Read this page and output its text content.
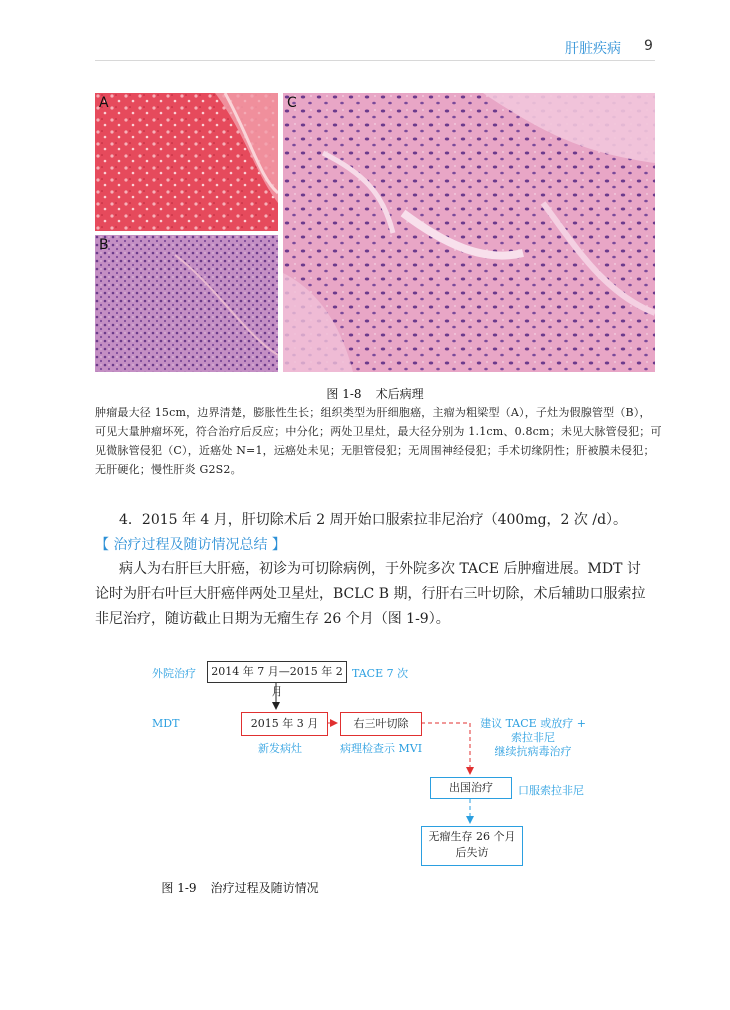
肝脏疾病 9
A
B
C
图 1-8 术后病理
肿瘤最大径 15cm，边界清楚，膨胀性生长；组织类型为肝细胞癌，主瘤为粗梁型（A），子灶为假腺管型（B），
可见大量肿瘤坏死，符合治疗后反应；中分化；两处卫星灶，最大径分别为 1.1cm、0.8cm；未见大脉管侵犯；可
见微脉管侵犯（C），近癌处 N=1，远癌处未见；无胆管侵犯；无周围神经侵犯；手术切缘阴性；肝被膜未侵犯；
无肝硬化；慢性肝炎 G2S2。
4．2015 年 4 月，肝切除术后 2 周开始口服索拉非尼治疗（400mg，2 次 /d）。
【 治疗过程及随访情况总结 】
病人为右肝巨大肝癌，初诊为可切除病例，于外院多次 TACE 后肿瘤进展。MDT 讨
论时为肝右叶巨大肝癌伴两处卫星灶，BCLC B 期，行肝右三叶切除，术后辅助口服索拉
非尼治疗，随访截止日期为无瘤生存 26 个月（图 1-9）。
外院治疗	2014 年 7 月—2015 年 2 月
TACE 7 次
MDT	2015 年 3 月
新发病灶
右三叶切除
病理检查示 MVI
建议 TACE 或放疗 +
索拉非尼
继续抗病毒治疗
出国治疗	口服索拉非尼
无瘤生存 26 个月
后失访
图 1-9 治疗过程及随访情况
